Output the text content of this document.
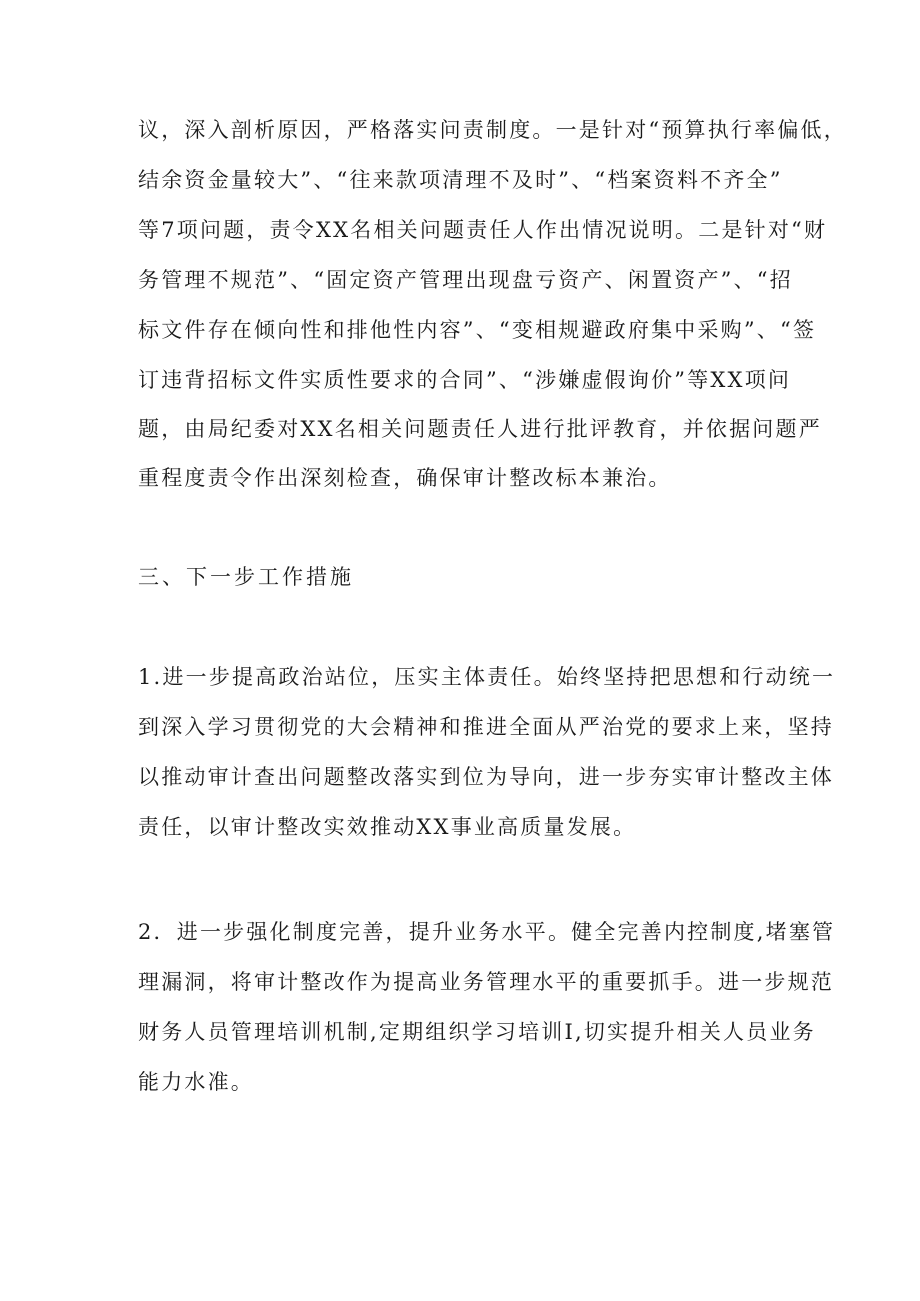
议，深入剖析原因，严格落实问责制度。一是针对“预算执行率偏低，
结余资金量较大”、“往来款项清理不及时”、“档案资料不齐全”
等7项问题，责令XX名相关问题责任人作出情况说明。二是针对“财
务管理不规范”、“固定资产管理出现盘亏资产、闲置资产”、“招
标文件存在倾向性和排他性内容”、“变相规避政府集中采购”、“签
订违背招标文件实质性要求的合同”、“涉嫌虚假询价”等XX项问
题，由局纪委对XX名相关问题责任人进行批评教育，并依据问题严
重程度责令作出深刻检查，确保审计整改标本兼治。
三、下一步工作措施
1.进一步提高政治站位，压实主体责任。始终坚持把思想和行动统一
到深入学习贯彻党的大会精神和推进全面从严治党的要求上来，坚持
以推动审计查出问题整改落实到位为导向，进一步夯实审计整改主体
责任，以审计整改实效推动XX事业高质量发展。
2．进一步强化制度完善，提升业务水平。健全完善内控制度,堵塞管
理漏洞，将审计整改作为提高业务管理水平的重要抓手。进一步规范
财务人员管理培训机制,定期组织学习培训I,切实提升相关人员业务
能力水准。
